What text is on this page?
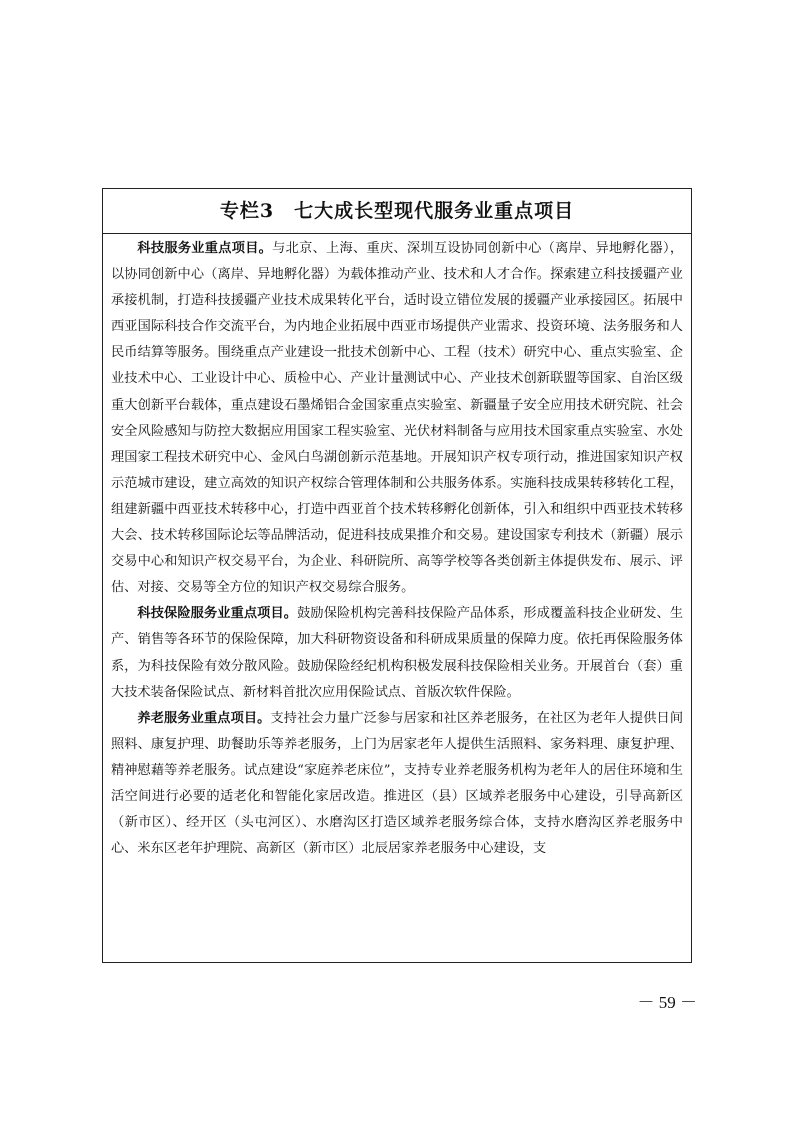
专栏3　七大成长型现代服务业重点项目

科技服务业重点项目。与北京、上海、重庆、深圳互设协同创新中心（离岸、异地孵化器），以协同创新中心（离岸、异地孵化器）为载体推动产业、技术和人才合作。探索建立科技援疆产业承接机制，打造科技援疆产业技术成果转化平台，适时设立错位发展的援疆产业承接园区。拓展中西亚国际科技合作交流平台，为内地企业拓展中西亚市场提供产业需求、投资环境、法务服务和人民币结算等服务。围绕重点产业建设一批技术创新中心、工程（技术）研究中心、重点实验室、企业技术中心、工业设计中心、质检中心、产业计量测试中心、产业技术创新联盟等国家、自治区级重大创新平台载体，重点建设石墨烯铝合金国家重点实验室、新疆量子安全应用技术研究院、社会安全风险感知与防控大数据应用国家工程实验室、光伏材料制备与应用技术国家重点实验室、水处理国家工程技术研究中心、金风白鸟湖创新示范基地。开展知识产权专项行动，推进国家知识产权示范城市建设，建立高效的知识产权综合管理体制和公共服务体系。实施科技成果转移转化工程，组建新疆中西亚技术转移中心，打造中西亚首个技术转移孵化创新体，引入和组织中西亚技术转移大会、技术转移国际论坛等品牌活动，促进科技成果推介和交易。建设国家专利技术（新疆）展示交易中心和知识产权交易平台，为企业、科研院所、高等学校等各类创新主体提供发布、展示、评估、对接、交易等全方位的知识产权交易综合服务。

科技保险服务业重点项目。鼓励保险机构完善科技保险产品体系，形成覆盖科技企业研发、生产、销售等各环节的保险保障，加大科研物资设备和科研成果质量的保障力度。依托再保险服务体系，为科技保险有效分散风险。鼓励保险经纪机构积极发展科技保险相关业务。开展首台（套）重大技术装备保险试点、新材料首批次应用保险试点、首版次软件保险。

养老服务业重点项目。支持社会力量广泛参与居家和社区养老服务，在社区为老年人提供日间照料、康复护理、助餐助乐等养老服务，上门为居家老年人提供生活照料、家务料理、康复护理、精神慰藉等养老服务。试点建设“家庭养老床位”，支持专业养老服务机构为老年人的居住环境和生活空间进行必要的适老化和智能化家居改造。推进区（县）区域养老服务中心建设，引导高新区（新市区）、经开区（头屯河区）、水磨沟区打造区域养老服务综合体，支持水磨沟区养老服务中心、米东区老年护理院、高新区（新市区）北辰居家养老服务中心建设，支

－ 59 －
